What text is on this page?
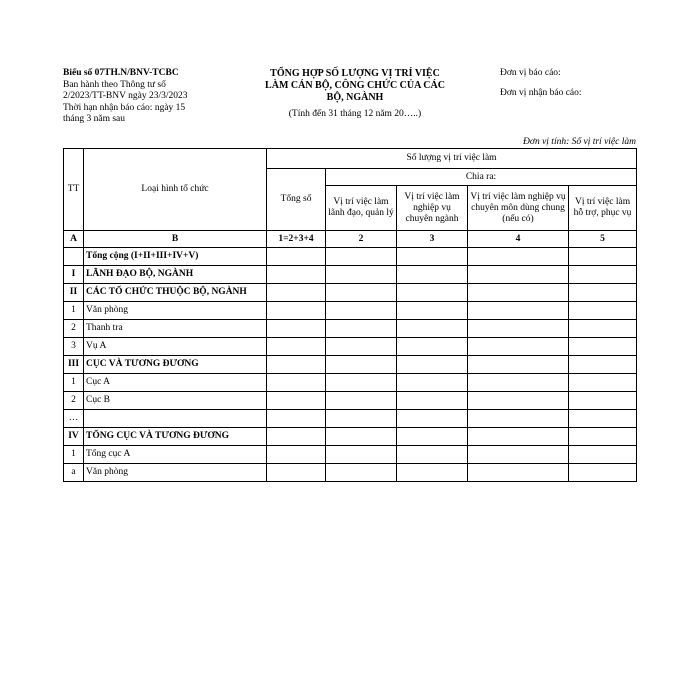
Biểu số 07TH.N/BNV-TCBC
Ban hành theo Thông tư số
2/2023/TT-BNV ngày 23/3/2023
Thời hạn nhận báo cáo: ngày 15
tháng 3 năm sau
TỔNG HỢP SỐ LƯỢNG VỊ TRÍ VIỆC
LÀM CÁN BỘ, CÔNG CHỨC CỦA CÁC
BỘ, NGÀNH
(Tính đến 31 tháng 12 năm 20…..)
Đơn vị báo cáo:
Đơn vị nhận báo cáo:
Đơn vị tính: Số vị trí việc làm
TT	Loại hình tổ chức	Số lượng vị trí việc làm				
		Tổng số	Chia ra:			
			Vị trí việc làm lãnh đạo, quản lý	Vị trí việc làm nghiệp vụ chuyên ngành	Vị trí việc làm nghiệp vụ chuyên môn dùng chung (nếu có)	Vị trí việc làm hỗ trợ, phục vụ
A	B	1=2+3+4	2	3	4	5
	Tổng cộng (I+II+III+IV+V)					
I	LÃNH ĐẠO BỘ, NGÀNH					
II	CÁC TỔ CHỨC THUỘC BỘ, NGÀNH					
1	Văn phòng					
2	Thanh tra					
3	Vụ A					
III	CỤC VÀ TƯƠNG ĐƯƠNG					
1	Cục A					
2	Cục B					
…						
IV	TỔNG CỤC VÀ TƯƠNG ĐƯƠNG					
1	Tổng cục A					
a	Văn phòng					
